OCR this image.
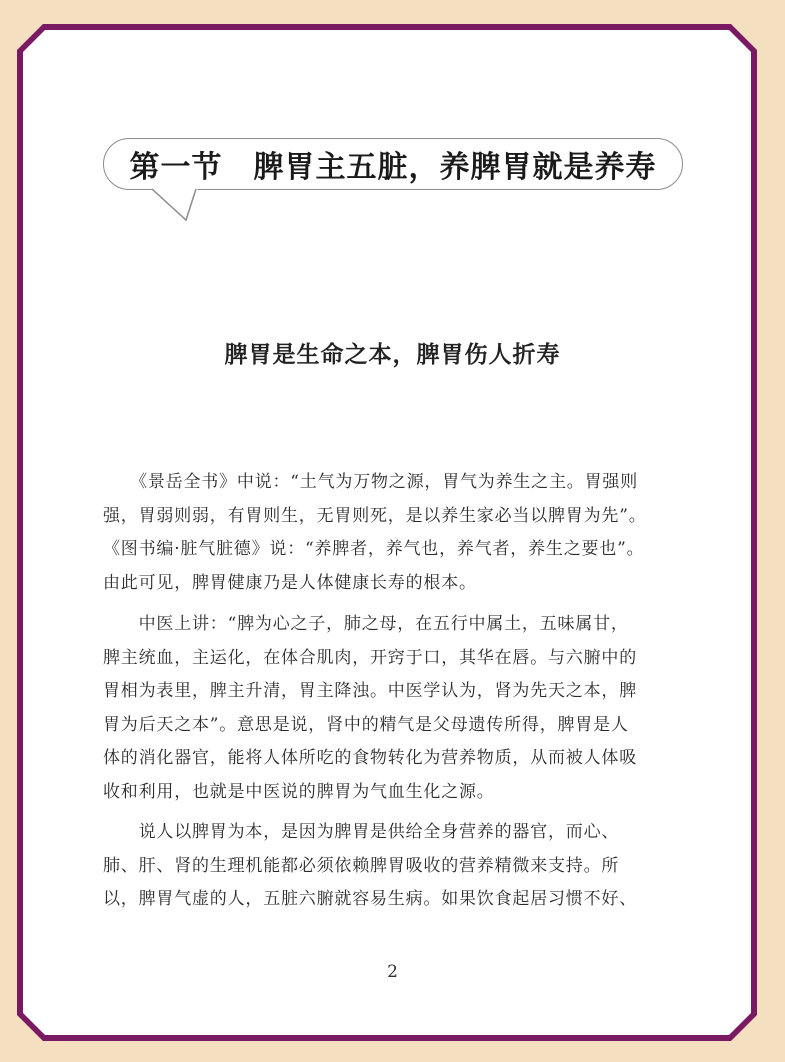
第一节　脾胃主五脏，养脾胃就是养寿
脾胃是生命之本，脾胃伤人折寿
　　《景岳全书》中说：“土气为万物之源，胃气为养生之主。胃强则
强，胃弱则弱，有胃则生，无胃则死，是以养生家必当以脾胃为先”。
《图书编·脏气脏德》说：“养脾者，养气也，养气者，养生之要也”。
由此可见，脾胃健康乃是人体健康长寿的根本。
　　中医上讲：“脾为心之子，肺之母，在五行中属土，五味属甘，
脾主统血，主运化，在体合肌肉，开窍于口，其华在唇。与六腑中的
胃相为表里，脾主升清，胃主降浊。中医学认为，肾为先天之本，脾
胃为后天之本”。意思是说，肾中的精气是父母遗传所得，脾胃是人
体的消化器官，能将人体所吃的食物转化为营养物质，从而被人体吸
收和利用，也就是中医说的脾胃为气血生化之源。
　　说人以脾胃为本，是因为脾胃是供给全身营养的器官，而心、
肺、肝、肾的生理机能都必须依赖脾胃吸收的营养精微来支持。所
以，脾胃气虚的人，五脏六腑就容易生病。如果饮食起居习惯不好、
2
